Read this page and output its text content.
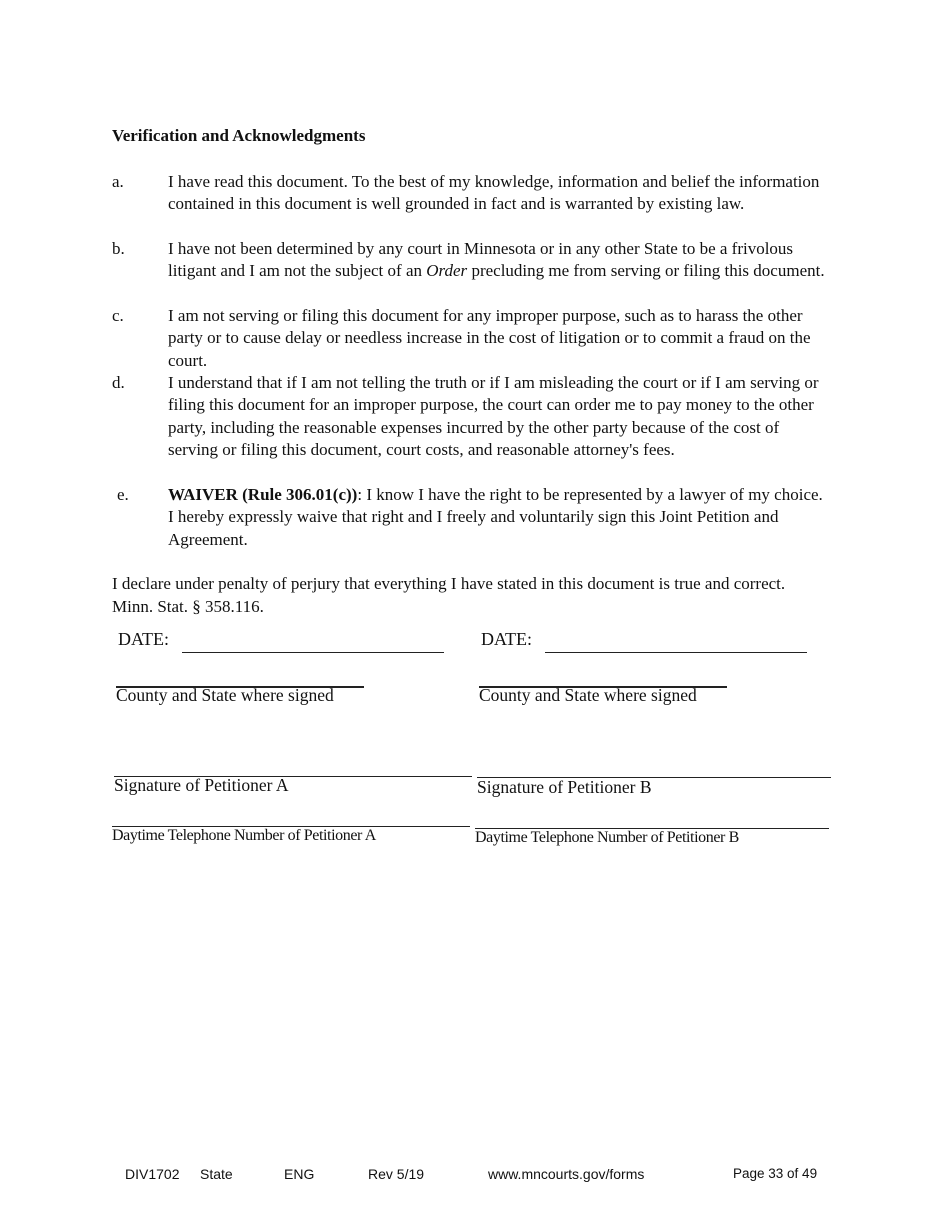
Verification and Acknowledgments
a.	I have read this document. To the best of my knowledge, information and belief the information contained in this document is well grounded in fact and is warranted by existing law.
b.	I have not been determined by any court in Minnesota or in any other State to be a frivolous litigant and I am not the subject of an Order precluding me from serving or filing this document.
c.	I am not serving or filing this document for any improper purpose, such as to harass the other party or to cause delay or needless increase in the cost of litigation or to commit a fraud on the court.
d.	I understand that if I am not telling the truth or if I am misleading the court or if I am serving or filing this document for an improper purpose, the court can order me to pay money to the other party, including the reasonable expenses incurred by the other party because of the cost of serving or filing this document, court costs, and reasonable attorney's fees.
e. WAIVER (Rule 306.01(c)): I know I have the right to be represented by a lawyer of my choice. I hereby expressly waive that right and I freely and voluntarily sign this Joint Petition and Agreement.
I declare under penalty of perjury that everything I have stated in this document is true and correct. Minn. Stat. § 358.116.
DATE:	DATE:
County and State where signed	County and State where signed
Signature of Petitioner A	Signature of Petitioner B
Daytime Telephone Number of Petitioner A	Daytime Telephone Number of Petitioner B
DIV1702 State	ENG	Rev 5/19	www.mncourts.gov/forms	Page 33 of 49
